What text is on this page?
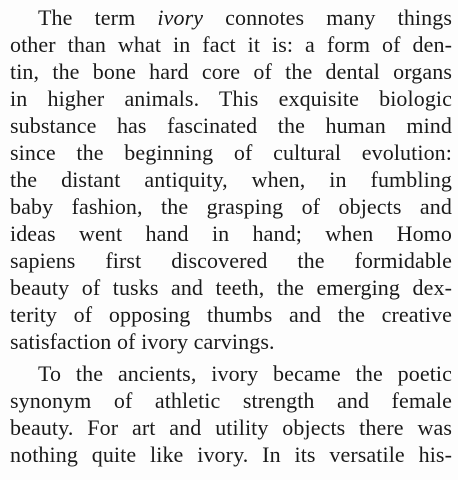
The term ivory connotes many things
other than what in fact it is: a form of den-
tin, the bone hard core of the dental organs
in higher animals. This exquisite biologic
substance has fascinated the human mind
since the beginning of cultural evolution:
the distant antiquity, when, in fumbling
baby fashion, the grasping of objects and
ideas went hand in hand; when Homo
sapiens first discovered the formidable
beauty of tusks and teeth, the emerging dex-
terity of opposing thumbs and the creative
satisfaction of ivory carvings.
To the ancients, ivory became the poetic
synonym of athletic strength and female
beauty. For art and utility objects there was
nothing quite like ivory. In its versatile his-
